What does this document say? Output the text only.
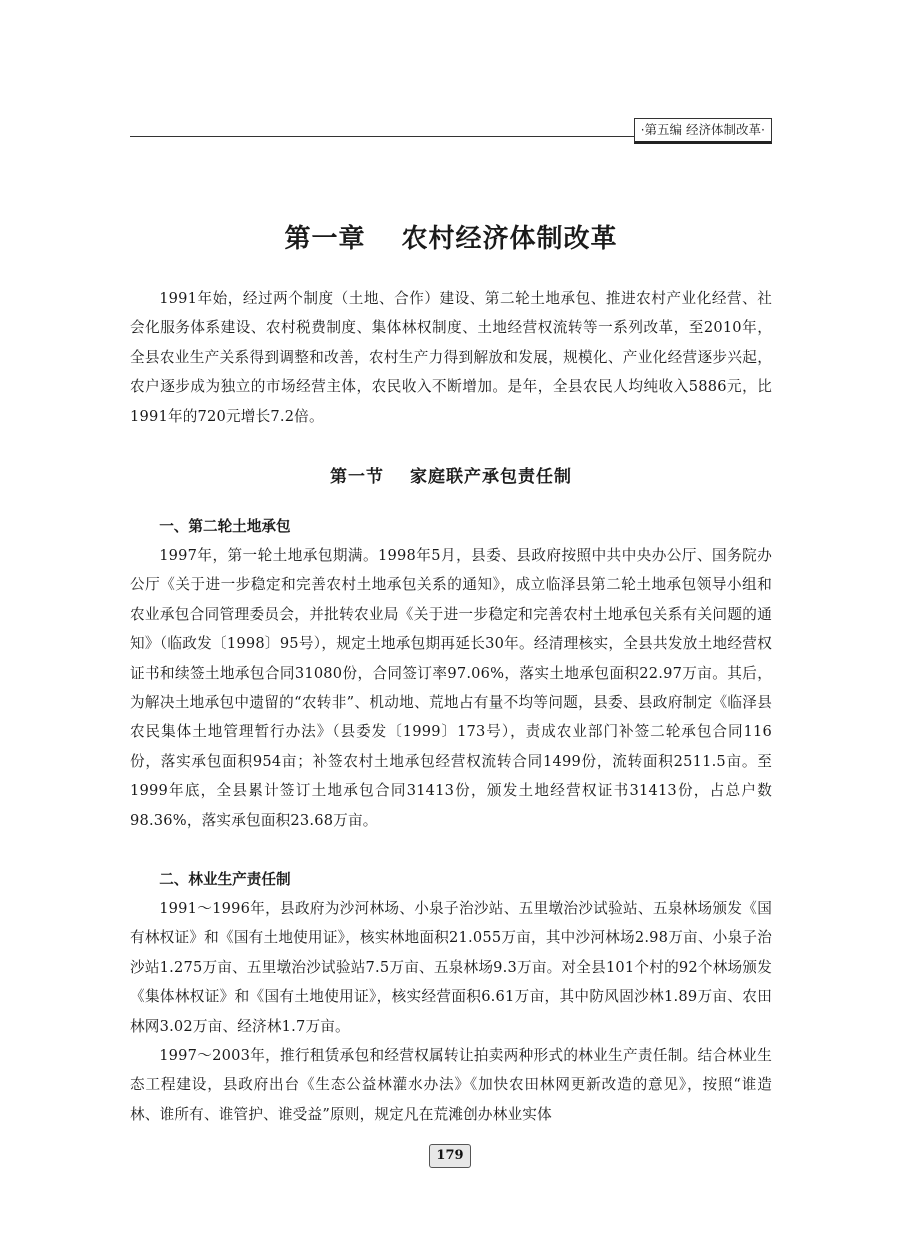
·第五编 经济体制改革·
第一章 农村经济体制改革
1991年始，经过两个制度（土地、合作）建设、第二轮土地承包、推进农村产业化经营、社会化服务体系建设、农村税费制度、集体林权制度、土地经营权流转等一系列改革，至2010年，全县农业生产关系得到调整和改善，农村生产力得到解放和发展，规模化、产业化经营逐步兴起，农户逐步成为独立的市场经营主体，农民收入不断增加。是年，全县农民人均纯收入5886元，比1991年的720元增长7.2倍。
第一节 家庭联产承包责任制
一、第二轮土地承包
1997年，第一轮土地承包期满。1998年5月，县委、县政府按照中共中央办公厅、国务院办公厅《关于进一步稳定和完善农村土地承包关系的通知》，成立临泽县第二轮土地承包领导小组和农业承包合同管理委员会，并批转农业局《关于进一步稳定和完善农村土地承包关系有关问题的通知》（临政发〔1998〕95号），规定土地承包期再延长30年。经清理核实，全县共发放土地经营权证书和续签土地承包合同31080份，合同签订率97.06%，落实土地承包面积22.97万亩。其后，为解决土地承包中遗留的“农转非”、机动地、荒地占有量不均等问题，县委、县政府制定《临泽县农民集体土地管理暂行办法》（县委发〔1999〕173号），责成农业部门补签二轮承包合同116份，落实承包面积954亩；补签农村土地承包经营权流转合同1499份，流转面积2511.5亩。至1999年底，全县累计签订土地承包合同31413份，颁发土地经营权证书31413份，占总户数98.36%，落实承包面积23.68万亩。
二、林业生产责任制
1991～1996年，县政府为沙河林场、小泉子治沙站、五里墩治沙试验站、五泉林场颁发《国有林权证》和《国有土地使用证》，核实林地面积21.055万亩，其中沙河林场2.98万亩、小泉子治沙站1.275万亩、五里墩治沙试验站7.5万亩、五泉林场9.3万亩。对全县101个村的92个林场颁发《集体林权证》和《国有土地使用证》，核实经营面积6.61万亩，其中防风固沙林1.89万亩、农田林网3.02万亩、经济林1.7万亩。
1997～2003年，推行租赁承包和经营权属转让拍卖两种形式的林业生产责任制。结合林业生态工程建设，县政府出台《生态公益林灌水办法》《加快农田林网更新改造的意见》，按照“谁造林、谁所有、谁管护、谁受益”原则，规定凡在荒滩创办林业实体
179
